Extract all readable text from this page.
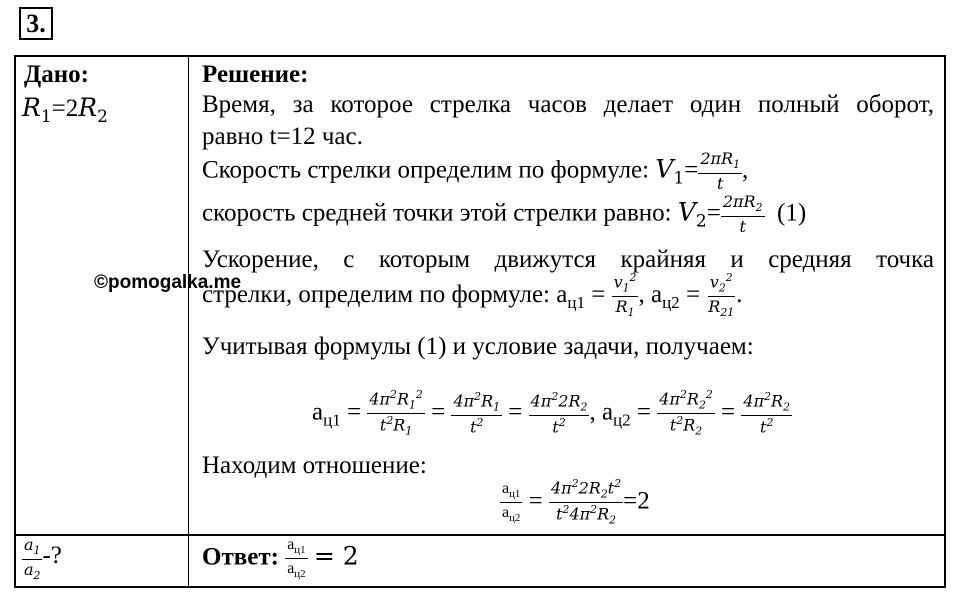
3.
Дано:
$R_1=2R_2$
$\frac{a_1}{a_2}$ -?
Решение:
Время, за которое стрелка часов делает один полный оборот,
равно t=12 час.
Скорость стрелки определим по формуле: $V_1= \frac{2\pi R_1}{t}$ ,
скорость средней точки этой стрелки равно: $V_2= \frac{2\pi R_2}{t} (1)$
Ускорение, с которым движутся крайняя и средняя точка
стрелки, определим по формуле: $a_{ц1} = \frac{v_1^2}{R_1}$ , $a_{ц2} = \frac{v_2^2}{R_{21}}$ .
Учитывая формулы (1) и условие задачи, получаем:
$a_{ц1} = \frac{4\pi^2R_1^2}{t^2R_1} = \frac{4\pi^2R_1}{t^2} = \frac{4\pi^22R_2}{t^2}$ , $a_{ц2} = \frac{4\pi^2R_2^2}{t^2R_2} = \frac{4\pi^2R_2}{t^2}$
Находим отношение:
$\frac{a_{ц1}}{a_{ц2}} = \frac{4\pi^22R_2t^2}{t^24\pi^2R_2} =2$
Ответ: $\frac{a_{ц1}}{a_{ц2}} = 2$
©pomogalka.me
